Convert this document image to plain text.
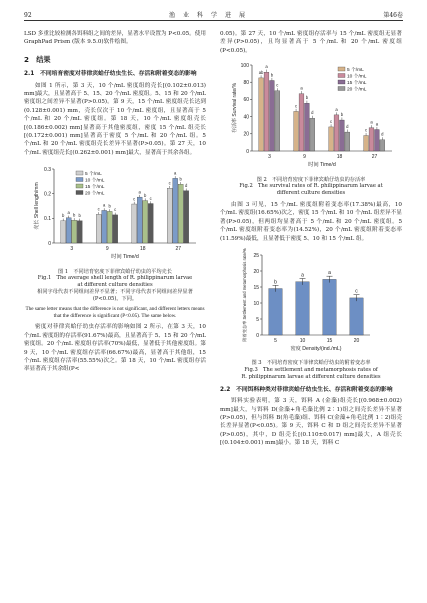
92	渔　业　科　学　进　展	第46卷

LSD 多重比较检测各饵料组之间的差异，显著水平设置为 P<0.05。使用 GraphPad Prism (版本 9.5.0)软件绘图。

2　结果
2.1　不同培育密度对菲律宾蛤仔幼虫生长、存活和附着变态的影响

如图 1 所示，第 3 天，10 个/mL 密度组的壳长[(0.102±0.013) mm]最大，且显著高于 5、15、20 个/mL 密度组。5、15 和 20 个/mL 密度组之间差异不显著(P>0.05)。第 9 天，15 个/mL 密度组壳长达到(0.128±0.001) mm，壳长仅次于 10 个/mL 密度组，且显著高于 5 个/mL 和 20 个/mL 密度组。第 18 天，10 个/mL 密度组壳长[(0.186±0.002) mm]显著高于其他密度组，密度 15 个/mL 组壳长[(0.172±0.001) mm]显著高于密度 5 个/mL 和 20 个/mL 组。5 个/mL 和 20 个/mL 密度组壳长差异不显著(P>0.05)。第 27 天，10 个/mL 密度组壳长[(0.262±0.001) mm]最大，显著高于其余各组。

0
0.1
0.2
0.3
壳长 Shell length/mm
时间 Time/d
3
b
a b b
9
c
a b
c
18
c
a
b
c
27
c
a
b
d
5 个/mL
10 个/mL
15 个/mL
20 个/mL
图 1　不同培育密度下菲律宾蛤仔幼虫的平均壳长
Fig.1　The average shell length of R. philippinarum larvae
at different culture densities
相同字母代表不同组间差异不显著；不同字母代表不同组间差异显著(P<0.05)。下同。
The same letter means that the difference is not significant, and different letters means that the difference is significant (P<0.05). The same below.

密度对菲律宾蛤仔幼虫存活率的影响如图 2 所示，在第 3 天，10 个/mL 密度组的存活率(91.67%)最高，且显著高于 5、15 和 20 个/mL 密度组。20 个/mL 密度组存活率(70%)最低，显著低于其他密度组。第 9 天，10 个/mL 密度组存活率(66.67%)最高，显著高于其他组，15 个/mL 密度组存活率(55.55%)次之。第 18 天，10 个/mL 密度组存活率显著高于其余组(P<

0.05)。第 27 天，10 个/mL 密度组存活率与 15 个/mL 密度组无显著差异(P>0.05)，且均显著高于 5 个/mL 和 20 个/mL 密度组(P<0.05)。

0
20
40
60
80
100
存活率 Survival rate/%
时间 Time/d
3
ab
a
b
c
9
c
a
b
d
18
c
a
b
d
27
c
a a
d
5 个/mL
10 个/mL
15 个/mL
20 个/mL
图 2　不同培育密度下菲律宾蛤仔幼虫的存活率
Fig.2　The survival rates of R. philippinarum larvae at
different culture densities

由图 3 可见，15 个/mL 密度组附着变态率(17.38%)最高，10 个/mL 密度组(16.65%)次之，密度 15 个/mL 和 10 个/mL 组差异不显著(P>0.05)，但两组均显著高于 5 个/mL 和 20 个/mL 密度组。5 个/mL 密度组附着变态率为(14.52%)，20 个/mL 密度组附着变态率(11.59%)最低，且显著低于密度 5、10 和 15 个/mL 组。

0
5
10
15
20
25
附着变态率 Settlement and metamorphosis rate/%
密度 Density/(ind./mL)
b
5
a
10
a
15
c
20
图 3　不同培育密度下菲律宾蛤仔幼虫的附着变态率
Fig.3　The settlement and metamorphosis rates of
R. philippinarum larvae at different culture densities
2.2　不同饵料种类对菲律宾蛤仔幼虫生长、存活和附着变态的影响

饵料实验表明，第 3 天，饵料 A (金藻)组壳长[(0.968±0.002) mm]最大，与饵料 D(金藻+角毛藻比例 2∶1)组之间壳长差异不显著(P>0.05)，但与饵料 B(角毛藻)组、饵料 C(金藻+角毛比例 1∶2)组壳长差异显著(P<0.05)。第 9 天，饵料 C 和 D 组之间壳长差异不显著(P>0.05)，其中，D 组壳长[(0.110±0.017) mm]最大，A 组壳长[(0.104±0.001) mm]最小。第 18 天，饵料 C
